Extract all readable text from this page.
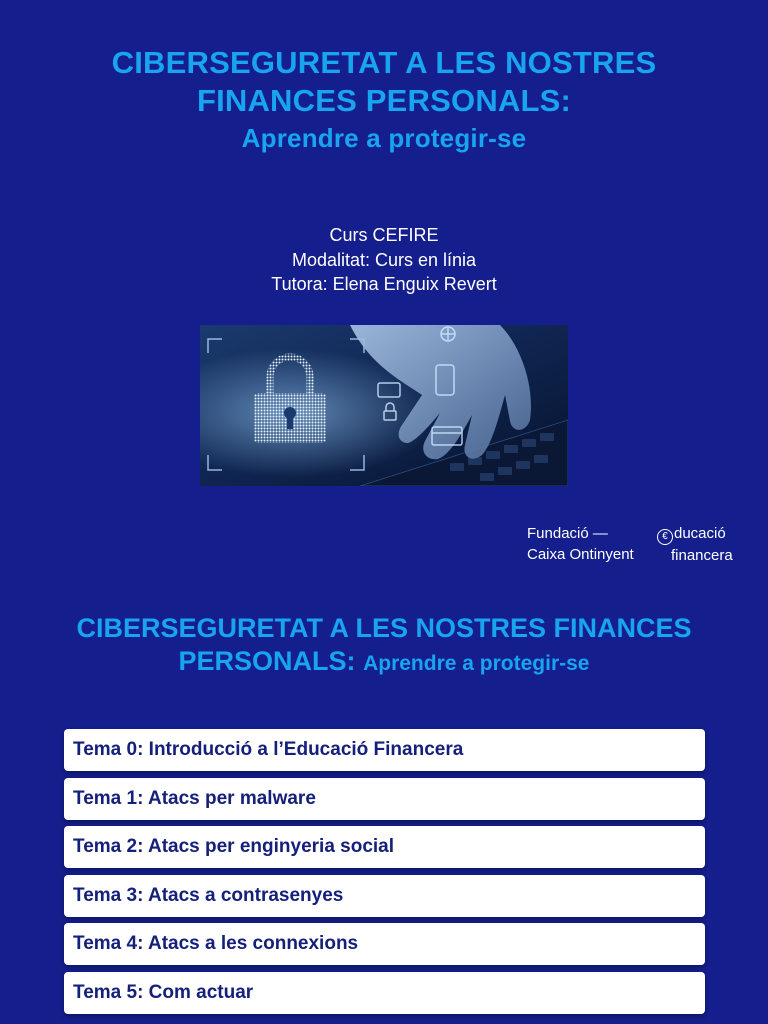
CIBERSEGURETAT A LES NOSTRES
FINANCES PERSONALS:
Aprendre a protegir-se
Curs CEFIRE
Modalitat: Curs en línia
Tutora: Elena Enguix Revert
Fundació —
Caixa Ontinyent
€ ducació
financera
CIBERSEGURETAT A LES NOSTRES FINANCES PERSONALS: Aprendre a protegir-se
Tema 0: Introducció a l’Educació Financera
Tema 1: Atacs per malware
Tema 2: Atacs per enginyeria social
Tema 3: Atacs a contrasenyes
Tema 4: Atacs a les connexions
Tema 5: Com actuar
